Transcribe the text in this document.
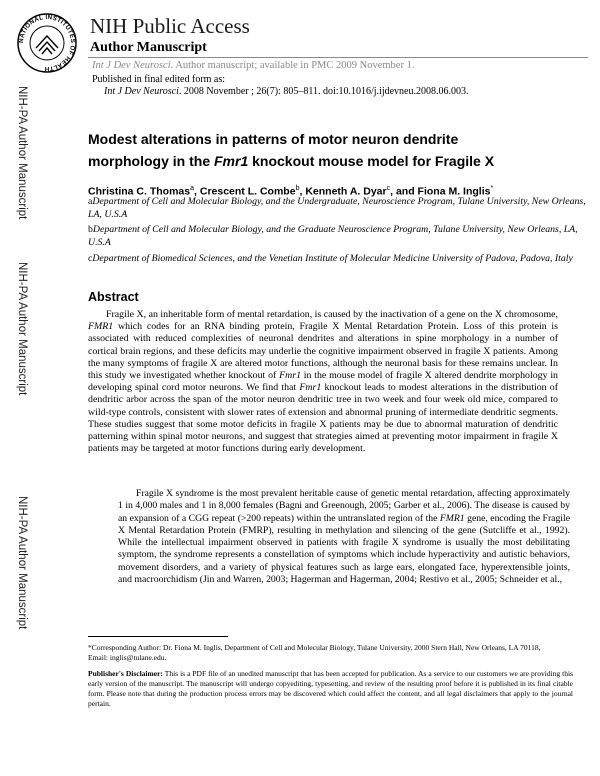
NATIONAL INSTITUTES OF HEALTH
NIH Public Access
Author Manuscript
Int J Dev Neurosci. Author manuscript; available in PMC 2009 November 1.
Published in final edited form as:
Int J Dev Neurosci. 2008 November ; 26(7): 805–811. doi:10.1016/j.ijdevneu.2008.06.003.
NIH-PA Author Manuscript
NIH-PA Author Manuscript
NIH-PA Author Manuscript
Modest alterations in patterns of motor neuron dendrite
morphology in the Fmr1 knockout mouse model for Fragile X
Christina C. Thomas$^a$, Crescent L. Combe$^b$, Kenneth A. Dyar$^c$, and Fiona M. Inglis*
aDepartment of Cell and Molecular Biology, and the Undergraduate, Neuroscience Program, Tulane University, New Orleans, LA, U.S.A
bDepartment of Cell and Molecular Biology, and the Graduate Neuroscience Program, Tulane University, New Orleans, LA, U.S.A
cDepartment of Biomedical Sciences, and the Venetian Institute of Molecular Medicine University of Padova, Padova, Italy
Abstract
Fragile X, an inheritable form of mental retardation, is caused by the inactivation of a gene on the X chromosome, FMR1 which codes for an RNA binding protein, Fragile X Mental Retardation Protein. Loss of this protein is associated with reduced complexities of neuronal dendrites and alterations in spine morphology in a number of cortical brain regions, and these deficits may underlie the cognitive impairment observed in fragile X patients. Among the many symptoms of fragile X are altered motor functions, although the neuronal basis for these remains unclear. In this study we investigated whether knockout of Fmr1 in the mouse model of fragile X altered dendrite morphology in developing spinal cord motor neurons. We find that Fmr1 knockout leads to modest alterations in the distribution of dendritic arbor across the span of the motor neuron dendritic tree in two week and four week old mice, compared to wild-type controls, consistent with slower rates of extension and abnormal pruning of intermediate dendritic segments. These studies suggest that some motor deficits in fragile X patients may be due to abnormal maturation of dendritic patterning within spinal motor neurons, and suggest that strategies aimed at preventing motor impairment in fragile X patients may be targeted at motor functions during early development.
Fragile X syndrome is the most prevalent heritable cause of genetic mental retardation, affecting approximately 1 in 4,000 males and 1 in 8,000 females (Bagni and Greenough, 2005; Garber et al., 2006). The disease is caused by an expansion of a CGG repeat (>200 repeats) within the untranslated region of the FMR1 gene, encoding the Fragile X Mental Retardation Protein (FMRP), resulting in methylation and silencing of the gene (Sutcliffe et al., 1992). While the intellectual impairment observed in patients with fragile X syndrome is usually the most debilitating symptom, the syndrome represents a constellation of symptoms which include hyperactivity and autistic behaviors, movement disorders, and a variety of physical features such as large ears, elongated face, hyperextensible joints, and macroorchidism (Jin and Warren, 2003; Hagerman and Hagerman, 2004; Restivo et al., 2005; Schneider et al.,
*Corresponding Author: Dr. Fiona M. Inglis, Department of Cell and Molecular Biology, Tulane University, 2000 Stern Hall, New Orleans, LA 70118, Email: inglis@tulane.edu.
Publisher's Disclaimer: This is a PDF file of an unedited manuscript that has been accepted for publication. As a service to our customers we are providing this early version of the manuscript. The manuscript will undergo copyediting, typesetting, and review of the resulting proof before it is published in its final citable form. Please note that during the production process errors may be discovered which could affect the content, and all legal disclaimers that apply to the journal pertain.
